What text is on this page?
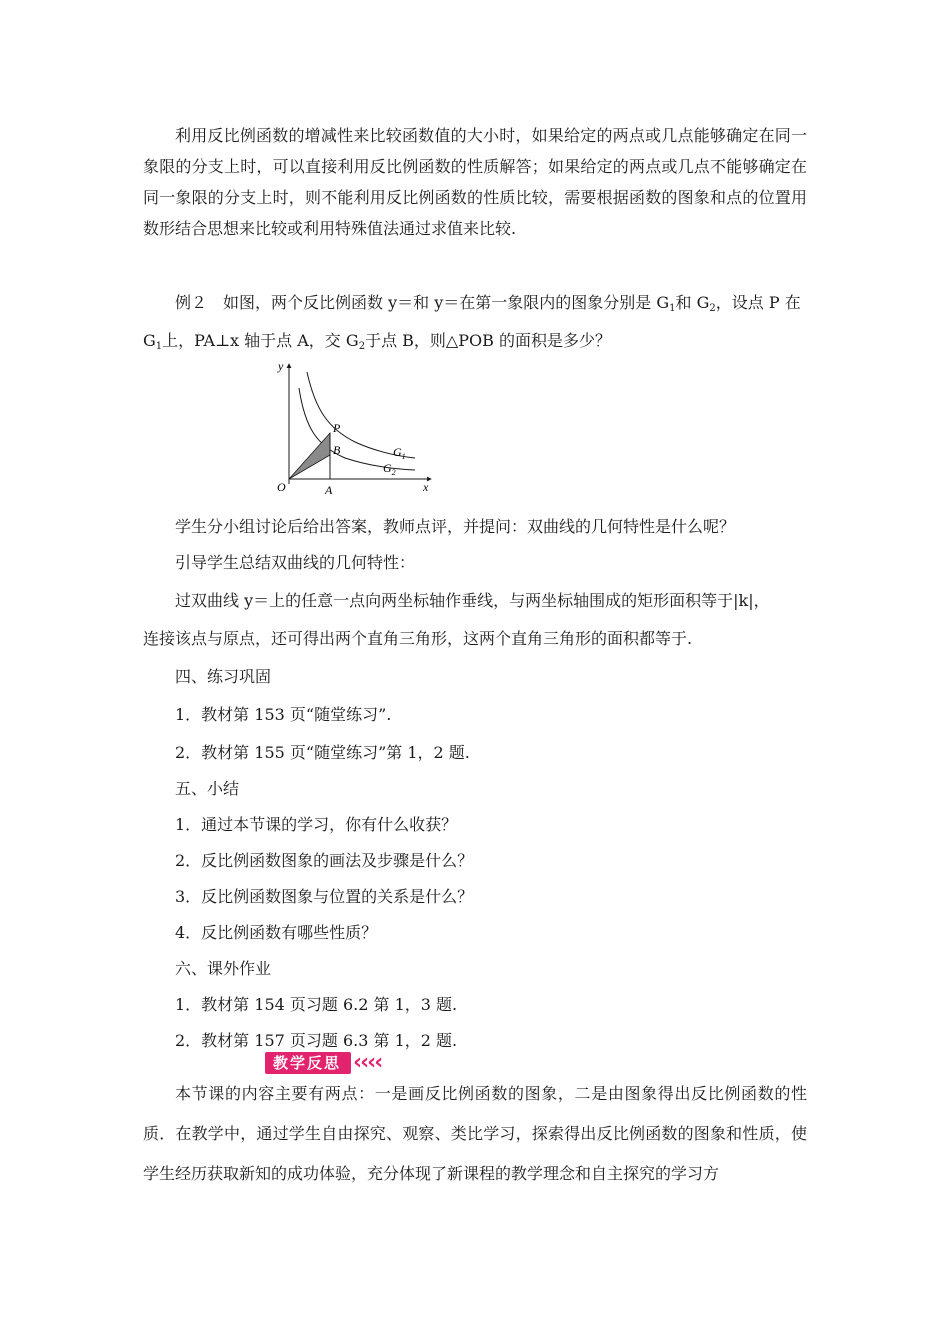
利用反比例函数的增减性来比较函数值的大小时，如果给定的两点或几点能够确定在同一象限的分支上时，可以直接利用反比例函数的性质解答；如果给定的两点或几点不能够确定在同一象限的分支上时，则不能利用反比例函数的性质比较，需要根据函数的图象和点的位置用数形结合思想来比较或利用特殊值法通过求值来比较.

例２　如图，两个反比例函数 y＝和 y＝在第一象限内的图象分别是 $G_1$和 $G_2$，设点 P 在
$G_1$上，PA⊥x 轴于点 A，交 $G_2$于点 B，则△POB 的面积是多少？
学生分小组讨论后给出答案，教师点评，并提问：双曲线的几何特性是什么呢？
引导学生总结双曲线的几何特性：
过双曲线 y＝上的任意一点向两坐标轴作垂线，与两坐标轴围成的矩形面积等于|k|，
连接该点与原点，还可得出两个直角三角形，这两个直角三角形的面积都等于.
四、练习巩固
1．教材第 153 页“随堂练习”.
2．教材第 155 页“随堂练习”第 1，2 题.
五、小结
1．通过本节课的学习，你有什么收获？
2．反比例函数图象的画法及步骤是什么？
3．反比例函数图象与位置的关系是什么？
4．反比例函数有哪些性质？
六、课外作业
1．教材第 154 页习题 6.2 第 1，3 题.
2．教材第 157 页习题 6.3 第 1，2 题.

本节课的内容主要有两点：一是画反比例函数的图象，二是由图象得出反比例函数的性质．在教学中，通过学生自由探究、观察、类比学习，探索得出反比例函数的图象和性质，使学生经历获取新知的成功体验，充分体现了新课程的教学理念和自主探究的学习方

y
x
O	A
P
B	$G_1$
$G_2$
教学反思 ‹‹‹‹
